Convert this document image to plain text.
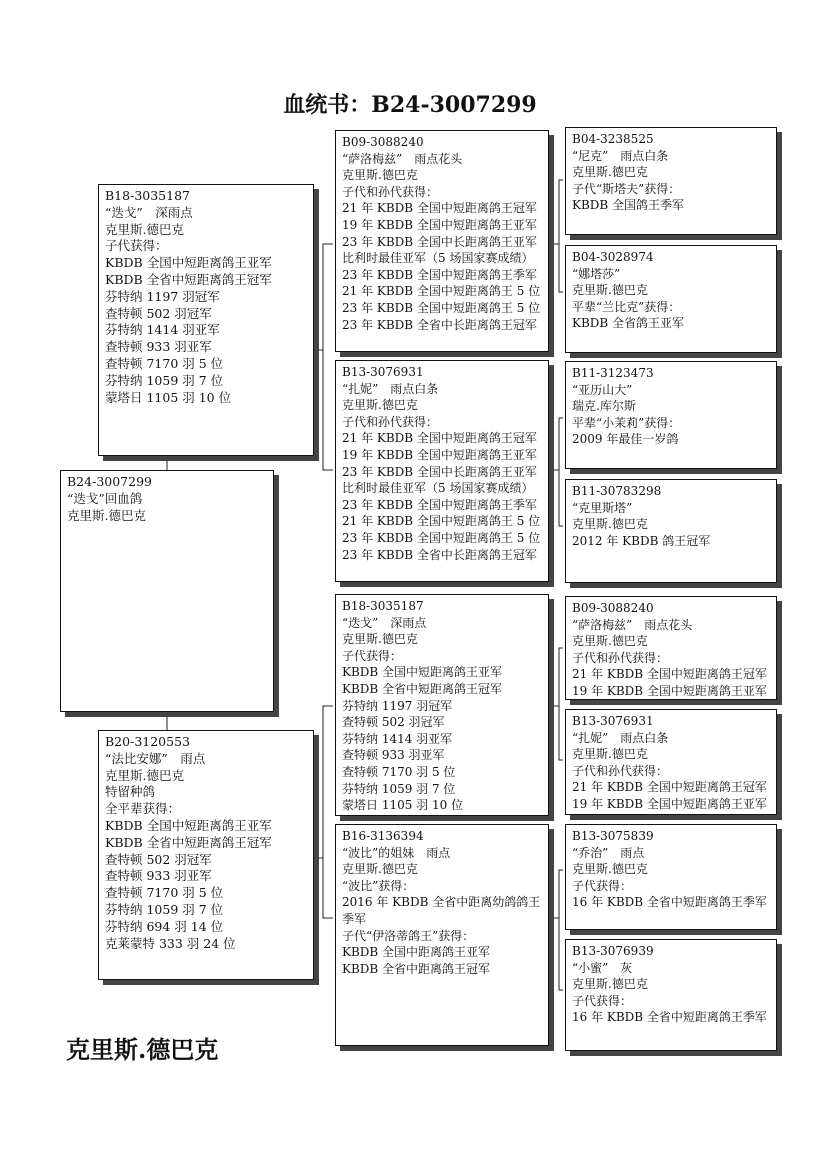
血统书：B24-3007299
B24-3007299
“迭戈”回血鸽
克里斯.德巴克
B18-3035187
“迭戈”　深雨点
克里斯.德巴克
子代获得：
KBDB 全国中短距离鸽王亚军
KBDB 全省中短距离鸽王冠军
芬特纳 1197 羽冠军
查特顿 502 羽冠军
芬特纳 1414 羽亚军
查特顿 933 羽亚军
查特顿 7170 羽 5 位
芬特纳 1059 羽 7 位
蒙塔日 1105 羽 10 位
B20-3120553
“法比安娜”　雨点
克里斯.德巴克
特留种鸽
全平辈获得：
KBDB 全国中短距离鸽王亚军
KBDB 全省中短距离鸽王冠军
查特顿 502 羽冠军
查特顿 933 羽亚军
查特顿 7170 羽 5 位
芬特纳 1059 羽 7 位
芬特纳 694 羽 14 位
克莱蒙特 333 羽 24 位
B09-3088240
“萨洛梅兹”　雨点花头
克里斯.德巴克
子代和孙代获得：
21 年 KBDB 全国中短距离鸽王冠军
19 年 KBDB 全国中短距离鸽王亚军
23 年 KBDB 全国中长距离鸽王亚军
比利时最佳亚军（5 场国家赛成绩）
23 年 KBDB 全国中短距离鸽王季军
21 年 KBDB 全国中短距离鸽王 5 位
23 年 KBDB 全国中短距离鸽王 5 位
23 年 KBDB 全省中长距离鸽王冠军
B13-3076931
“扎妮”　雨点白条
克里斯.德巴克
子代和孙代获得：
21 年 KBDB 全国中短距离鸽王冠军
19 年 KBDB 全国中短距离鸽王亚军
23 年 KBDB 全国中长距离鸽王亚军
比利时最佳亚军（5 场国家赛成绩）
23 年 KBDB 全国中短距离鸽王季军
21 年 KBDB 全国中短距离鸽王 5 位
23 年 KBDB 全国中短距离鸽王 5 位
23 年 KBDB 全省中长距离鸽王冠军
B18-3035187
“迭戈”　深雨点
克里斯.德巴克
子代获得：
KBDB 全国中短距离鸽王亚军
KBDB 全省中短距离鸽王冠军
芬特纳 1197 羽冠军
查特顿 502 羽冠军
芬特纳 1414 羽亚军
查特顿 933 羽亚军
查特顿 7170 羽 5 位
芬特纳 1059 羽 7 位
蒙塔日 1105 羽 10 位
B16-3136394
“波比”的姐妹　雨点
克里斯.德巴克
“波比”获得：
2016 年 KBDB 全省中距离幼鸽鸽王季军
子代“伊洛蒂鸽王”获得：
KBDB 全国中距离鸽王亚军
KBDB 全省中距离鸽王冠军
B04-3238525
“尼克”　雨点白条
克里斯.德巴克
子代“斯塔夫”获得：
KBDB 全国鸽王季军
B04-3028974
“娜塔莎”
克里斯.德巴克
平辈“兰比克”获得：
KBDB 全省鸽王亚军
B11-3123473
“亚历山大”
瑞克.库尔斯
平辈“小茉莉”获得：
2009 年最佳一岁鸽
B11-30783298
“克里斯塔”
克里斯.德巴克
2012 年 KBDB 鸽王冠军
B09-3088240
“萨洛梅兹”　雨点花头
克里斯.德巴克
子代和孙代获得：
21 年 KBDB 全国中短距离鸽王冠军
19 年 KBDB 全国中短距离鸽王亚军
B13-3076931
“扎妮”　雨点白条
克里斯.德巴克
子代和孙代获得：
21 年 KBDB 全国中短距离鸽王冠军
19 年 KBDB 全国中短距离鸽王亚军
B13-3075839
“乔治”　雨点
克里斯.德巴克
子代获得：
16 年 KBDB 全省中短距离鸽王季军
B13-3076939
“小蜜”　灰
克里斯.德巴克
子代获得：
16 年 KBDB 全省中短距离鸽王季军
克里斯.德巴克
